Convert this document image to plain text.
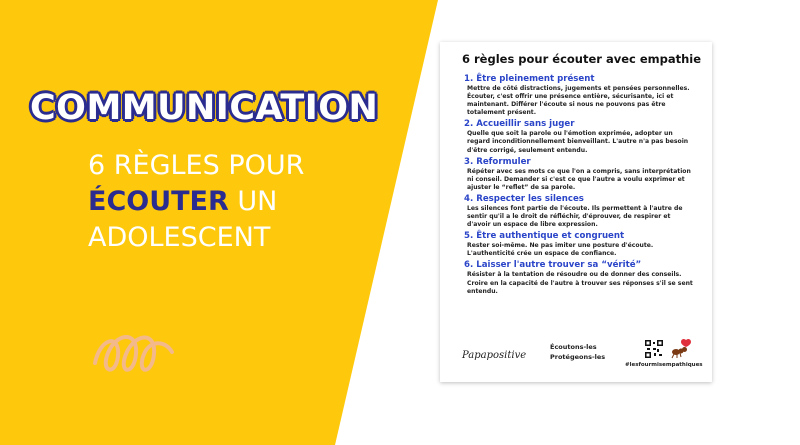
COMMUNICATION
6 RÈGLES POUR
ÉCOUTER UN
ADOLESCENT
6 règles pour écouter avec empathie
1. Être pleinement présent
Mettre de côté distractions, jugements et pensées personnelles. Écouter, c'est offrir une présence entière, sécurisante, ici et maintenant. Différer l'écoute si nous ne pouvons pas être totalement présent.
2. Accueillir sans juger
Quelle que soit la parole ou l'émotion exprimée, adopter un regard inconditionnellement bienveillant. L'autre n'a pas besoin d'être corrigé, seulement entendu.
3. Reformuler
Répéter avec ses mots ce que l'on a compris, sans interprétation ni conseil. Demander si c'est ce que l'autre a voulu exprimer et ajuster le “reflet” de sa parole.
4. Respecter les silences
Les silences font partie de l'écoute. Ils permettent à l'autre de sentir qu'il a le droit de réfléchir, d'éprouver, de respirer et d'avoir un espace de libre expression.
5. Être authentique et congruent
Rester soi-même. Ne pas imiter une posture d'écoute. L'authenticité crée un espace de confiance.
6. Laisser l'autre trouver sa “vérité”
Résister à la tentation de résoudre ou de donner des conseils. Croire en la capacité de l'autre à trouver ses réponses s'il se sent entendu.
Papapositive
Écoutons-les
Protégeons-les
#lesfourmisempathiques
